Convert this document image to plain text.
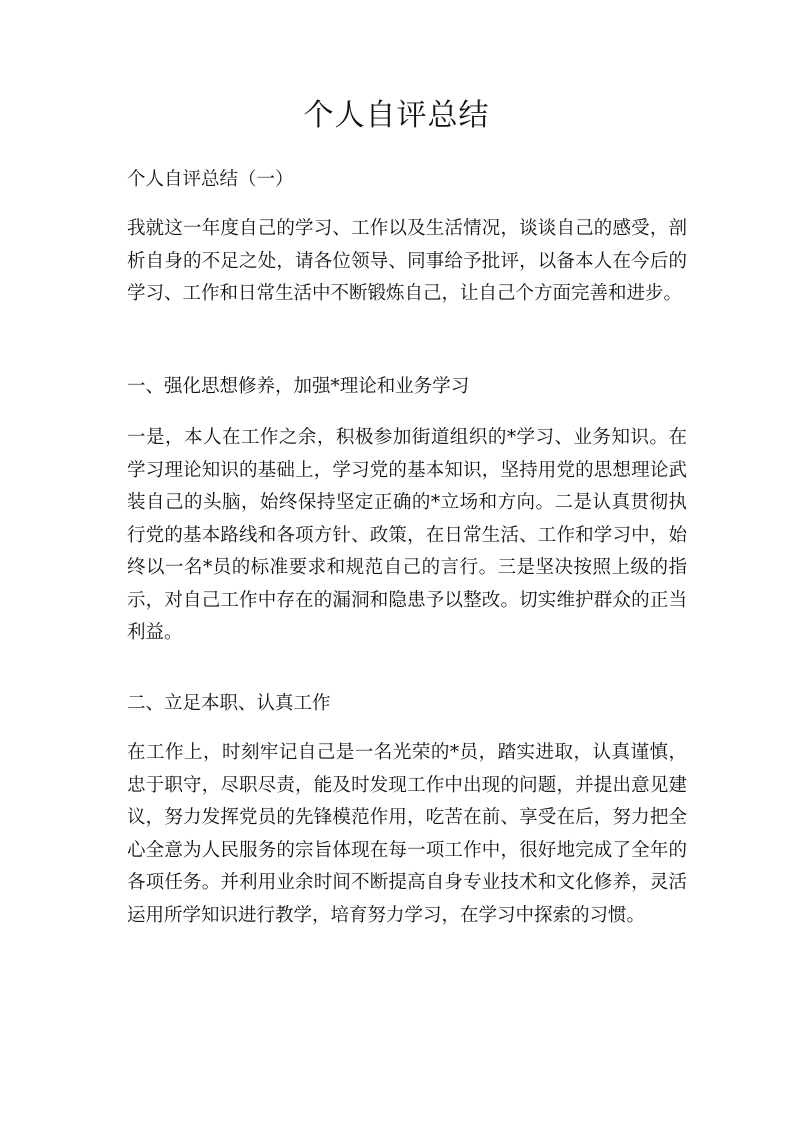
个人自评总结

个人自评总结（一）

我就这一年度自己的学习、工作以及生活情况，谈谈自己的感受，剖析自身的不足之处，请各位领导、同事给予批评，以备本人在今后的学习、工作和日常生活中不断锻炼自己，让自己个方面完善和进步。

一、强化思想修养，加强*理论和业务学习

一是，本人在工作之余，积极参加街道组织的*学习、业务知识。在学习理论知识的基础上，学习党的基本知识，坚持用党的思想理论武装自己的头脑，始终保持坚定正确的*立场和方向。二是认真贯彻执行党的基本路线和各项方针、政策，在日常生活、工作和学习中，始终以一名*员的标准要求和规范自己的言行。三是坚决按照上级的指示，对自己工作中存在的漏洞和隐患予以整改。切实维护群众的正当利益。

二、立足本职、认真工作

在工作上，时刻牢记自己是一名光荣的*员，踏实进取，认真谨慎，忠于职守，尽职尽责，能及时发现工作中出现的问题，并提出意见建议，努力发挥党员的先锋模范作用，吃苦在前、享受在后，努力把全心全意为人民服务的宗旨体现在每一项工作中，很好地完成了全年的各项任务。并利用业余时间不断提高自身专业技术和文化修养，灵活运用所学知识进行教学，培育努力学习，在学习中探索的习惯。
